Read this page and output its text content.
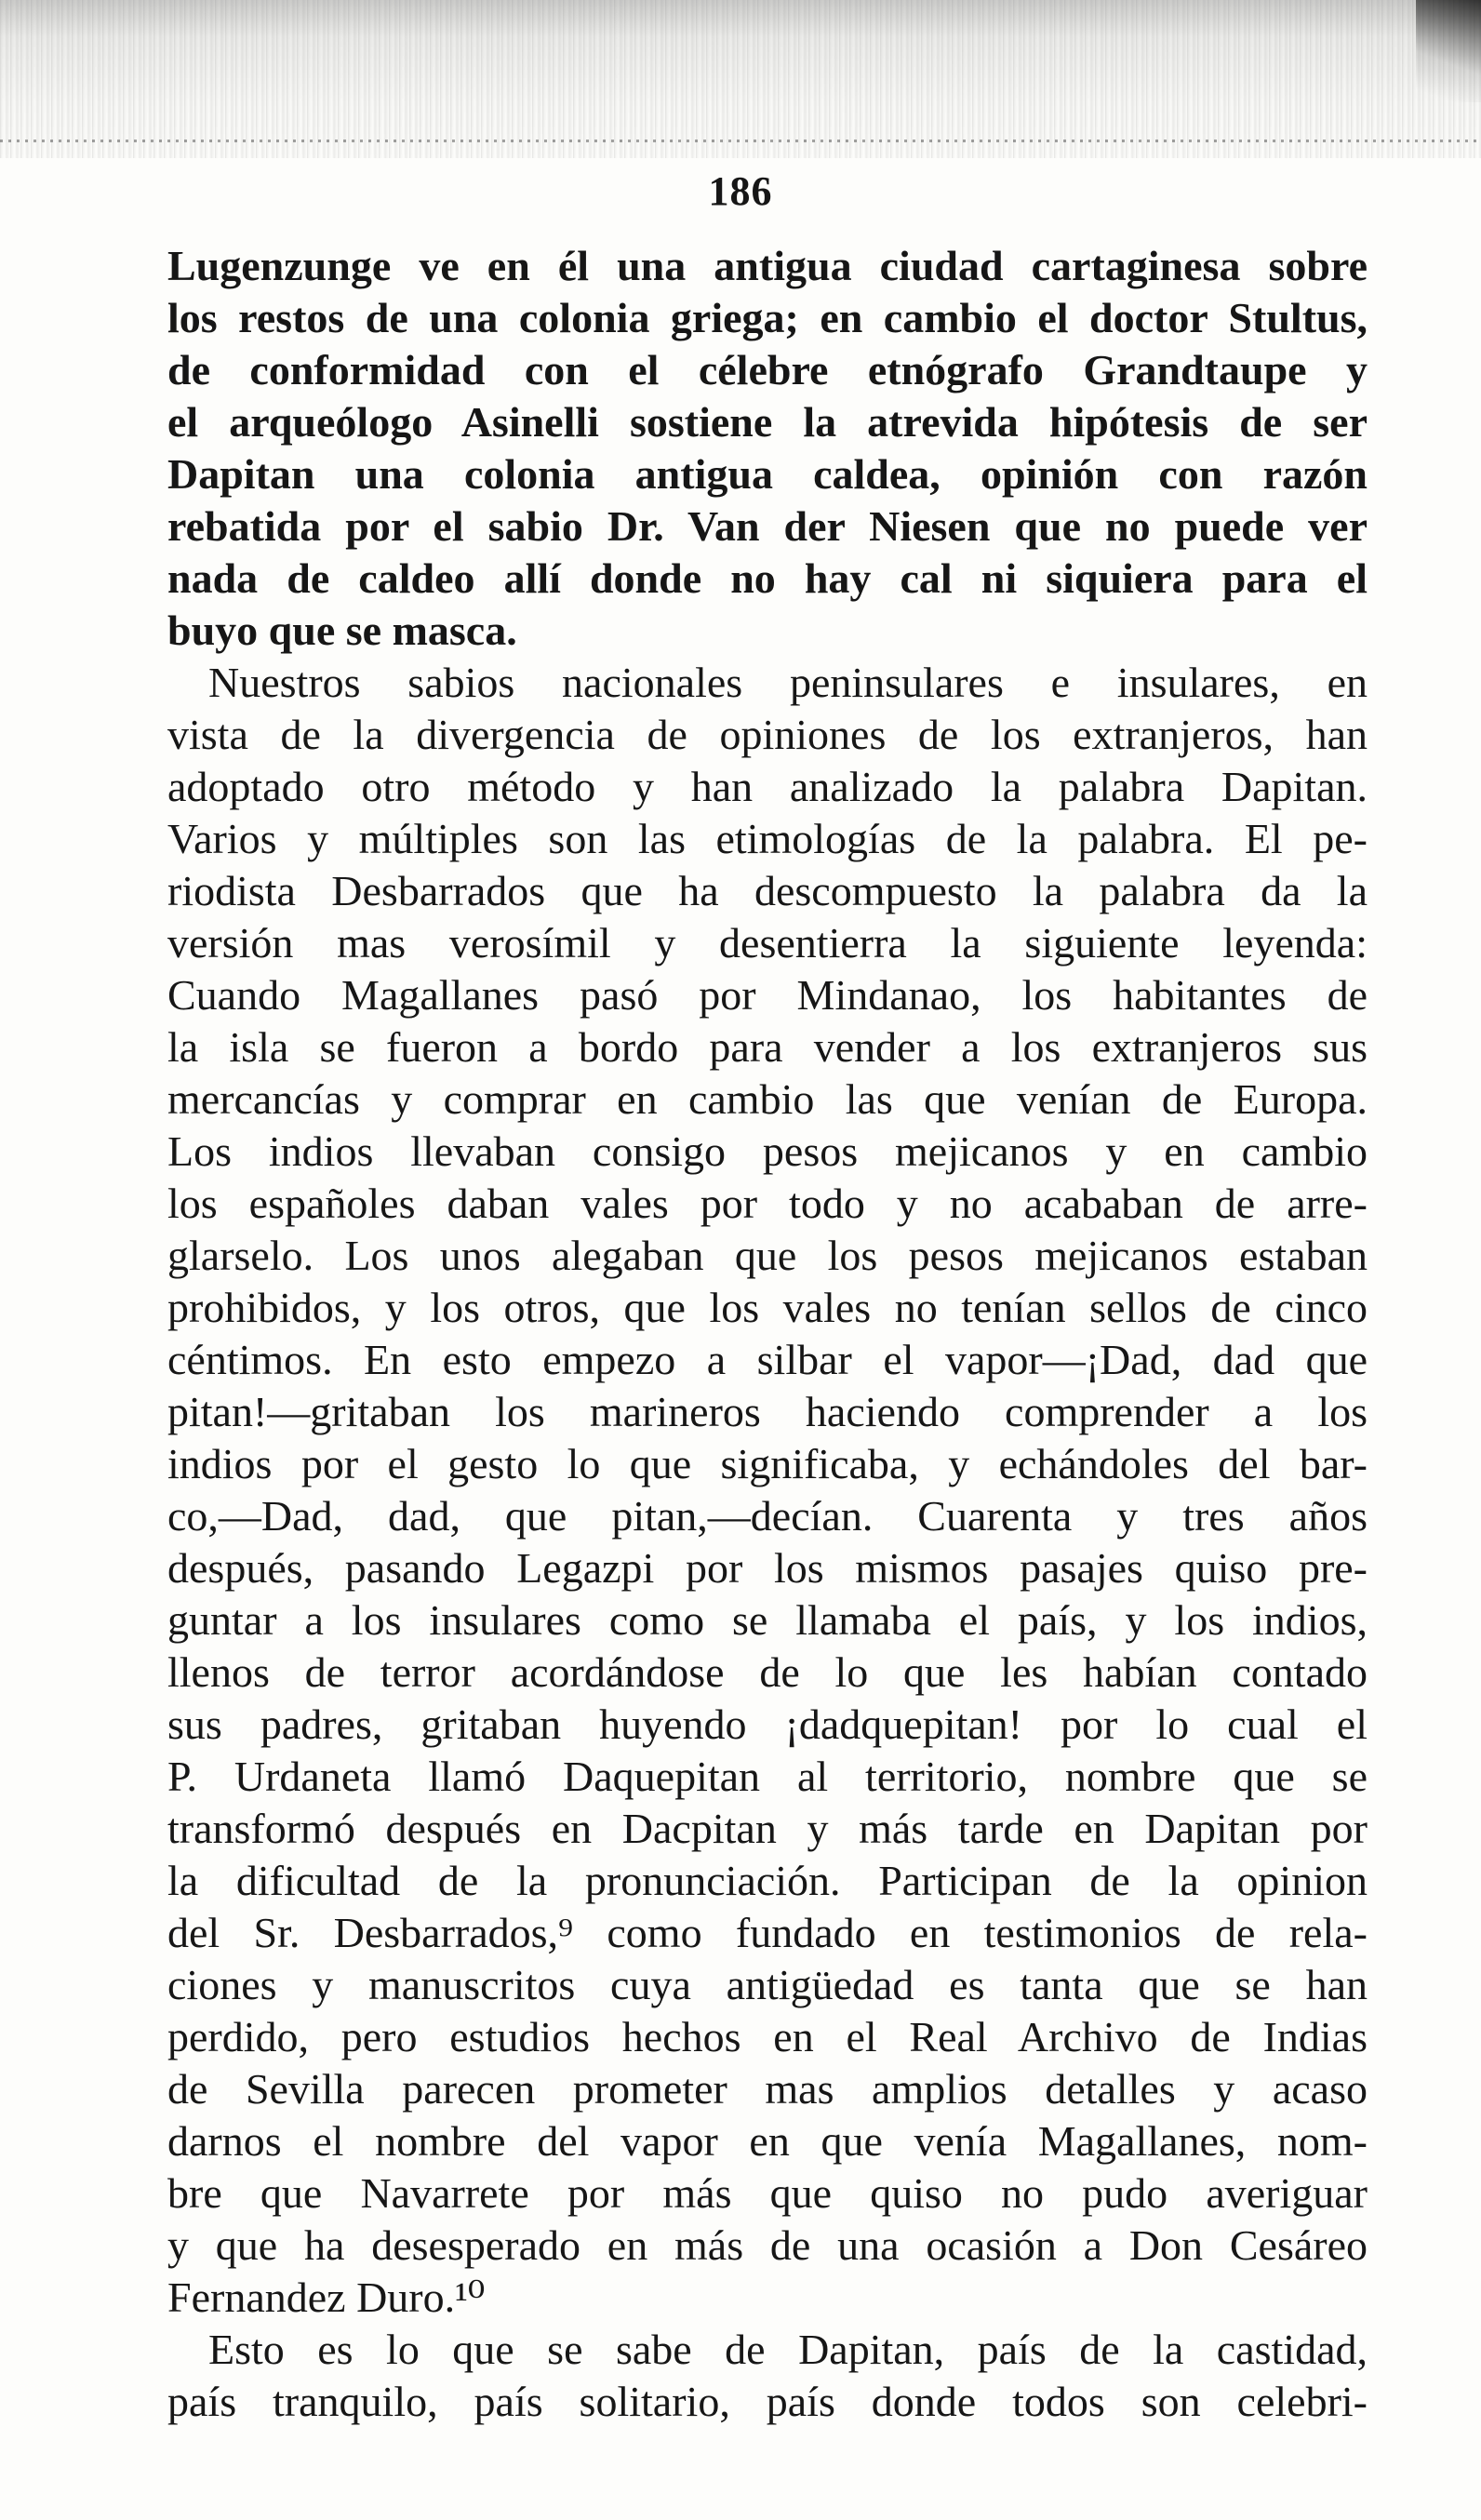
186
Lugenzunge ve en él una antigua ciudad cartaginesa sobre
los restos de una colonia griega; en cambio el doctor Stultus,
de conformidad con el célebre etnógrafo Grandtaupe y
el arqueólogo Asinelli sostiene la atrevida hipótesis de ser
Dapitan una colonia antigua caldea, opinión con razón
rebatida por el sabio Dr. Van der Niesen que no puede ver
nada de caldeo allí donde no hay cal ni siquiera para el
buyo que se masca.
Nuestros sabios nacionales peninsulares e insulares, en
vista de la divergencia de opiniones de los extranjeros, han
adoptado otro método y han analizado la palabra Dapitan.
Varios y múltiples son las etimologías de la palabra. El pe-
riodista Desbarrados que ha descompuesto la palabra da la
versión mas verosímil y desentierra la siguiente leyenda:
Cuando Magallanes pasó por Mindanao, los habitantes de
la isla se fueron a bordo para vender a los extranjeros sus
mercancías y comprar en cambio las que venían de Europa.
Los indios llevaban consigo pesos mejicanos y en cambio
los españoles daban vales por todo y no acababan de arre-
glarselo. Los unos alegaban que los pesos mejicanos estaban
prohibidos, y los otros, que los vales no tenían sellos de cinco
céntimos. En esto empezo a silbar el vapor—¡Dad, dad que
pitan!—gritaban los marineros haciendo comprender a los
indios por el gesto lo que significaba, y echándoles del bar-
co,—Dad, dad, que pitan,—decían. Cuarenta y tres años
después, pasando Legazpi por los mismos pasajes quiso pre-
guntar a los insulares como se llamaba el país, y los indios,
llenos de terror acordándose de lo que les habían contado
sus padres, gritaban huyendo ¡dadquepitan! por lo cual el
P. Urdaneta llamó Daquepitan al territorio, nombre que se
transformó después en Dacpitan y más tarde en Dapitan por
la dificultad de la pronunciación. Participan de la opinion
del Sr. Desbarrados,⁹ como fundado en testimonios de rela-
ciones y manuscritos cuya antigüedad es tanta que se han
perdido, pero estudios hechos en el Real Archivo de Indias
de Sevilla parecen prometer mas amplios detalles y acaso
darnos el nombre del vapor en que venía Magallanes, nom-
bre que Navarrete por más que quiso no pudo averiguar
y que ha desesperado en más de una ocasión a Don Cesáreo
Fernandez Duro.¹⁰
Esto es lo que se sabe de Dapitan, país de la castidad,
país tranquilo, país solitario, país donde todos son celebri-
